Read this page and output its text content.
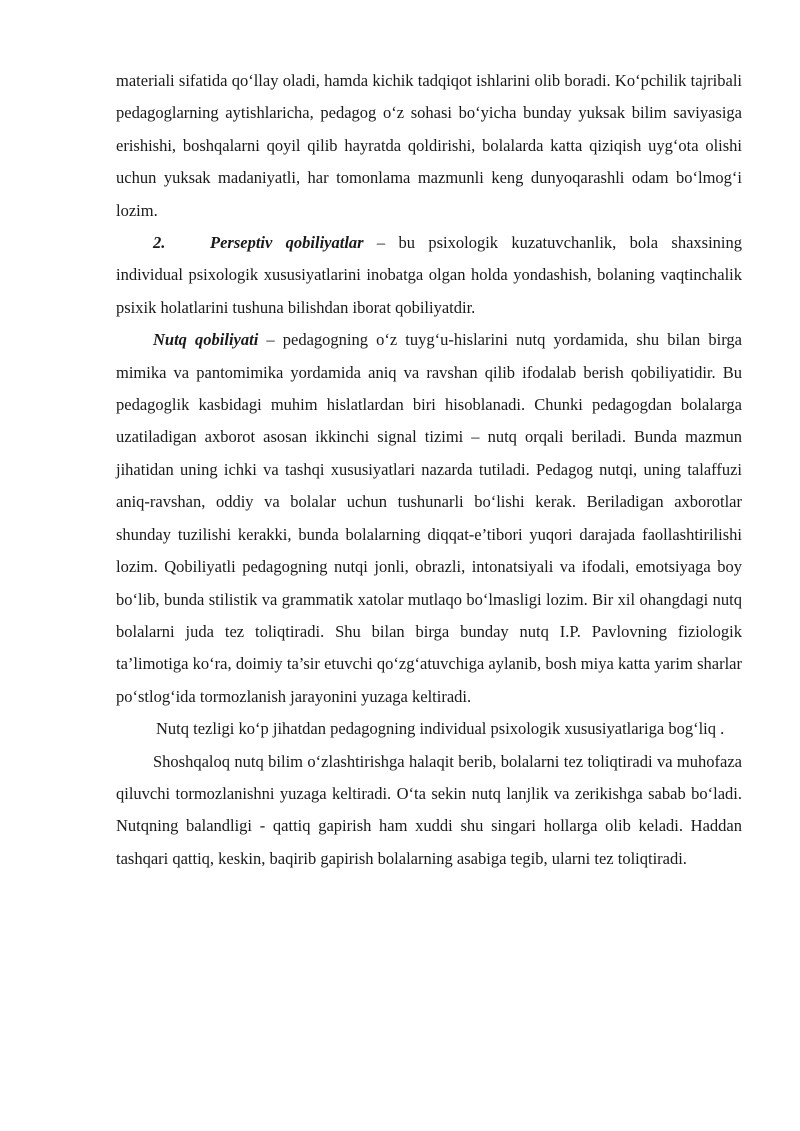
materiali sifatida qo‘llay oladi, hamda kichik tadqiqot ishlarini olib boradi. Ko‘pchilik tajribali pedagoglarning aytishlaricha, pedagog o‘z sohasi bo‘yicha bunday yuksak bilim saviyasiga erishishi, boshqalarni qoyil qilib hayratda qoldirishi, bolalarda katta qiziqish uyg‘ota olishi uchun yuksak madaniyatli, har tomonlama mazmunli keng dunyoqarashli odam bo‘lmog‘i lozim.

2.	Perseptiv qobiliyatlar – bu psixologik kuzatuvchanlik, bola shaxsining individual psixologik xususiyatlarini inobatga olgan holda yondashish, bolaning vaqtinchalik psixik holatlarini tushuna bilishdan iborat qobiliyatdir.

Nutq qobiliyati – pedagogning o‘z tuyg‘u-hislarini nutq yordamida, shu bilan birga mimika va pantomimika yordamida aniq va ravshan qilib ifodalab berish qobiliyatidir. Bu pedagoglik kasbidagi muhim hislatlardan biri hisoblanadi. Chunki pedagogdan bolalarga uzatiladigan axborot asosan ikkinchi signal tizimi – nutq orqali beriladi. Bunda mazmun jihatidan uning ichki va tashqi xususiyatlari nazarda tutiladi. Pedagog nutqi, uning talaffuzi aniq-ravshan, oddiy va bolalar uchun tushunarli bo‘lishi kerak. Beriladigan axborotlar shunday tuzilishi kerakki, bunda bolalarning diqqat-e’tibori yuqori darajada faollashtirilishi lozim. Qobiliyatli pedagogning nutqi jonli, obrazli, intonatsiyali va ifodali, emotsiyaga boy bo‘lib, bunda stilistik va grammatik xatolar mutlaqo bo‘lmasligi lozim. Bir xil ohangdagi nutq bolalarni juda tez toliqtiradi. Shu bilan birga bunday nutq I.P. Pavlovning fiziologik ta’limotiga ko‘ra, doimiy ta’sir etuvchi qo‘zg‘atuvchiga aylanib, bosh miya katta yarim sharlar po‘stlog‘ida tormozlanish jarayonini yuzaga keltiradi.

Nutq tezligi ko‘p jihatdan pedagogning individual psixologik xususiyatlariga bog‘liq .

Shoshqaloq nutq bilim o‘zlashtirishga halaqit berib, bolalarni tez toliqtiradi va muhofaza qiluvchi tormozlanishni yuzaga keltiradi. O‘ta sekin nutq lanjlik va zerikishga sabab bo‘ladi. Nutqning balandligi - qattiq gapirish ham xuddi shu singari hollarga olib keladi. Haddan tashqari qattiq, keskin, baqirib gapirish bolalarning asabiga tegib, ularni tez toliqtiradi.
